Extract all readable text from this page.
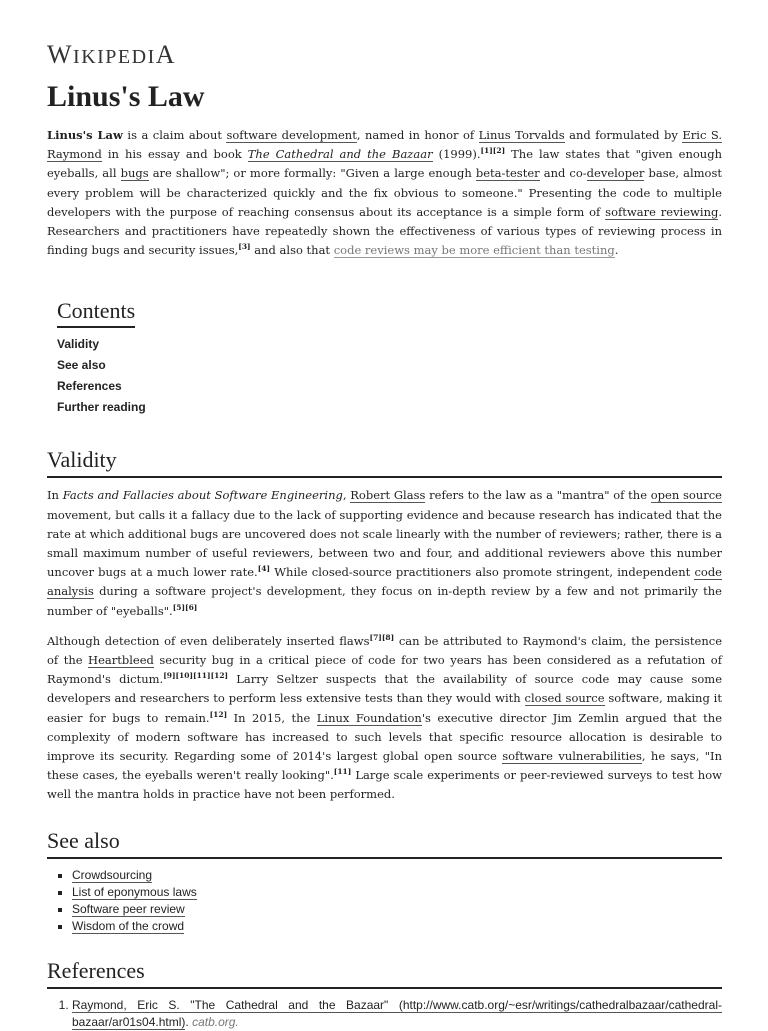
WIKIPEDIA
Linus's Law

Linus's Law is a claim about software development, named in honor of Linus Torvalds and formulated by Eric S. Raymond in his essay and book The Cathedral and the Bazaar (1999).[1][2] The law states that "given enough eyeballs, all bugs are shallow"; or more formally: "Given a large enough beta-tester and co-developer base, almost every problem will be characterized quickly and the fix obvious to someone." Presenting the code to multiple developers with the purpose of reaching consensus about its acceptance is a simple form of software reviewing. Researchers and practitioners have repeatedly shown the effectiveness of various types of reviewing process in finding bugs and security issues,[3] and also that code reviews may be more efficient than testing.

Contents
Validity
See also
References
Further reading
Validity

In Facts and Fallacies about Software Engineering, Robert Glass refers to the law as a "mantra" of the open source movement, but calls it a fallacy due to the lack of supporting evidence and because research has indicated that the rate at which additional bugs are uncovered does not scale linearly with the number of reviewers; rather, there is a small maximum number of useful reviewers, between two and four, and additional reviewers above this number uncover bugs at a much lower rate.[4] While closed-source practitioners also promote stringent, independent code analysis during a software project's development, they focus on in-depth review by a few and not primarily the number of "eyeballs".[5][6]

Although detection of even deliberately inserted flaws[7][8] can be attributed to Raymond's claim, the persistence of the Heartbleed security bug in a critical piece of code for two years has been considered as a refutation of Raymond's dictum.[9][10][11][12] Larry Seltzer suspects that the availability of source code may cause some developers and researchers to perform less extensive tests than they would with closed source software, making it easier for bugs to remain.[12] In 2015, the Linux Foundation's executive director Jim Zemlin argued that the complexity of modern software has increased to such levels that specific resource allocation is desirable to improve its security. Regarding some of 2014's largest global open source software vulnerabilities, he says, "In these cases, the eyeballs weren't really looking".[11] Large scale experiments or peer-reviewed surveys to test how well the mantra holds in practice have not been performed.

See also
▪ Crowdsourcing
▪ List of eponymous laws
▪ Software peer review
▪ Wisdom of the crowd
References
1. Raymond, Eric S. "The Cathedral and the Bazaar" (http://www.catb.org/~esr/writings/cathedralbazaar/cathedral-bazaar/ar01s04.html). catb.org.
